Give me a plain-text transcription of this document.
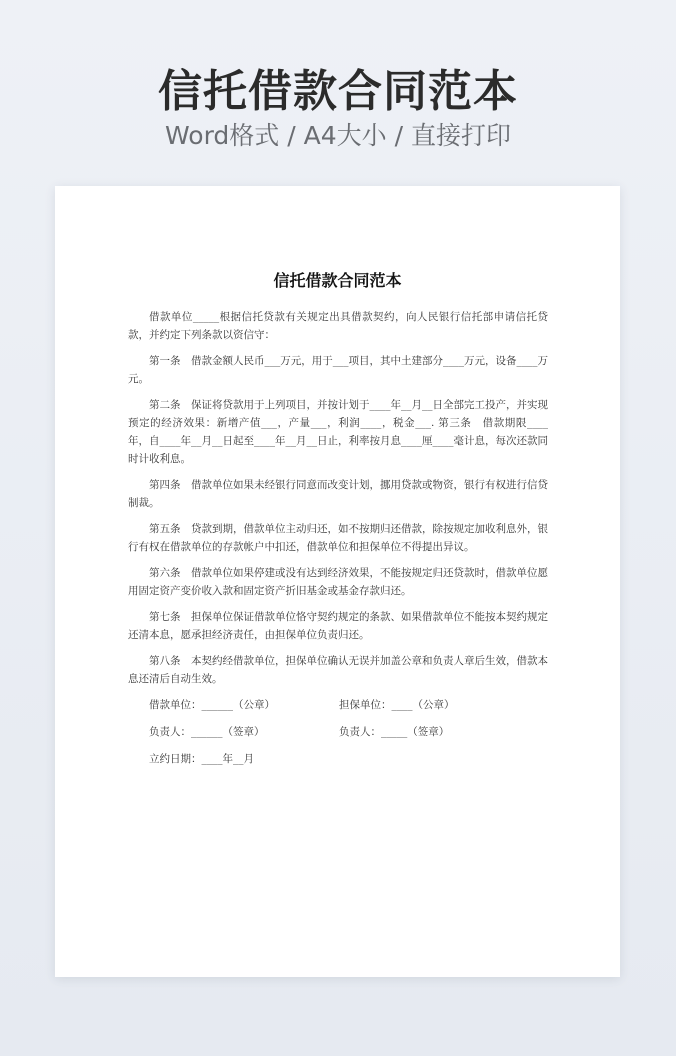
信托借款合同范本
Word格式 / A4大小 / 直接打印
信托借款合同范本

借款单位_____根据信托贷款有关规定出具借款契约，向人民银行信托部申请信托贷款，并约定下列条款以资信守：

第一条　借款金额人民币___万元，用于___项目，其中土建部分____万元，设备____万元。

第二条　保证将贷款用于上列项目，并按计划于____年__月__日全部完工投产，并实现预定的经济效果：新增产值___，产量___，利润____，税金___. 第三条　借款期限____年，自____年__月__日起至____年__月__日止，利率按月息____厘____毫计息，每次还款同时计收利息。

第四条　借款单位如果未经银行同意而改变计划，挪用贷款或物资，银行有权进行信贷制裁。

第五条　贷款到期，借款单位主动归还，如不按期归还借款，除按规定加收利息外，银行有权在借款单位的存款帐户中扣还，借款单位和担保单位不得提出异议。

第六条　借款单位如果停建或没有达到经济效果，不能按规定归还贷款时，借款单位愿用固定资产变价收入款和固定资产折旧基金或基金存款归还。

第七条　担保单位保证借款单位恪守契约规定的条款、如果借款单位不能按本契约规定还清本息，愿承担经济责任，由担保单位负责归还。

第八条　本契约经借款单位，担保单位确认无误并加盖公章和负责人章后生效，借款本息还清后自动生效。

借款单位：______（公章）	担保单位：____（公章）
负责人：______（签章）	负责人：_____（签章）
立约日期：____年__月
